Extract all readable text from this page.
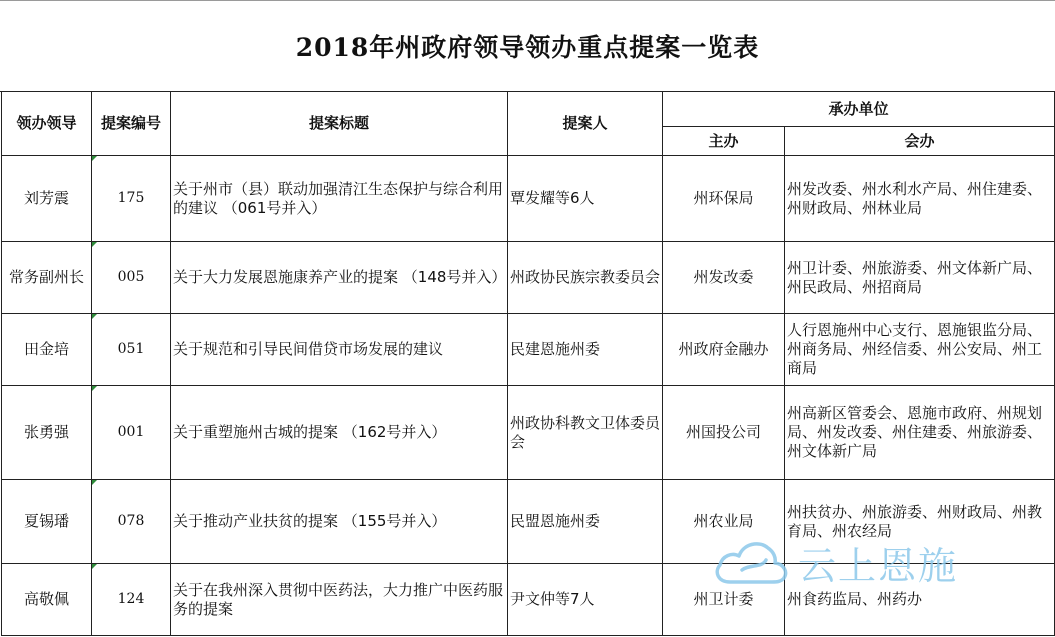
2018年州政府领导领办重点提案一览表
领办领导	提案编号	提案标题	提案人	承办单位	
				主办	会办
刘芳震	175	关于州市（县）联动加强清江生态保护与综合利用的建议 （061号并入）	覃发耀等6人	州环保局	州发改委、州水利水产局、州住建委、州财政局、州林业局
常务副州长	005	关于大力发展恩施康养产业的提案 （148号并入）	州政协民族宗教委员会	州发改委	州卫计委、州旅游委、州文体新广局、州民政局、州招商局
田金培	051	关于规范和引导民间借贷市场发展的建议	民建恩施州委	州政府金融办	人行恩施州中心支行、恩施银监分局、州商务局、州经信委、州公安局、州工商局
张勇强	001	关于重塑施州古城的提案 （162号并入）	州政协科教文卫体委员会	州国投公司	州高新区管委会、恩施市政府、州规划局、州发改委、州住建委、州旅游委、州文体新广局
夏锡璠	078	关于推动产业扶贫的提案 （155号并入）	民盟恩施州委	州农业局	州扶贫办、州旅游委、州财政局、州教育局、州农经局
高敬佩	124	关于在我州深入贯彻中医药法，大力推广中医药服务的提案	尹文仲等7人	州卫计委	州食药监局、州药办
云上恩施
